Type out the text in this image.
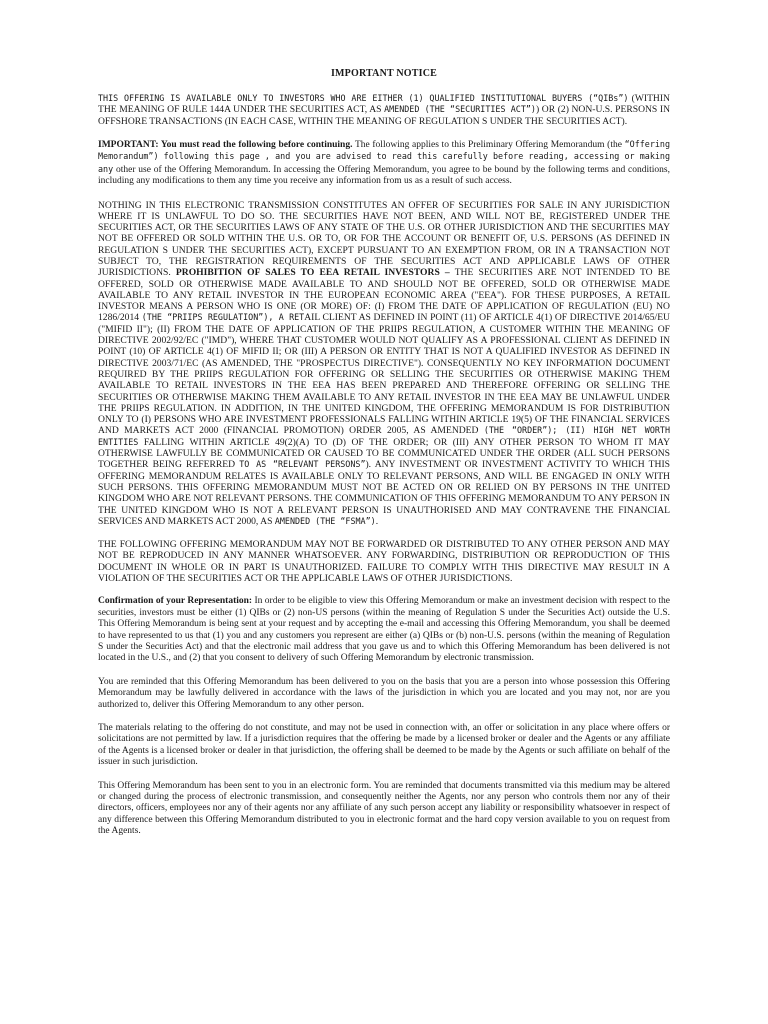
IMPORTANT NOTICE

THIS OFFERING IS AVAILABLE ONLY TO INVESTORS WHO ARE EITHER (1) QUALIFIED INSTITUTIONAL BUYERS (“QIBs”) (WITHIN THE MEANING OF RULE 144A UNDER THE SECURITIES ACT, AS AMENDED (THE “SECURITIES ACT”)) OR (2) NON-U.S. PERSONS IN OFFSHORE TRANSACTIONS (IN EACH CASE, WITHIN THE MEANING OF REGULATION S UNDER THE SECURITIES ACT).

IMPORTANT: You must read the following before continuing. The following applies to this Preliminary Offering Memorandum (the “Offering Memorandum”) following this page , and you are advised to read this carefully before reading, accessing or making any other use of the Offering Memorandum. In accessing the Offering Memorandum, you agree to be bound by the following terms and conditions, including any modifications to them any time you receive any information from us as a result of such access.

NOTHING IN THIS ELECTRONIC TRANSMISSION CONSTITUTES AN OFFER OF SECURITIES FOR SALE IN ANY JURISDICTION WHERE IT IS UNLAWFUL TO DO SO. THE SECURITIES HAVE NOT BEEN, AND WILL NOT BE, REGISTERED UNDER THE SECURITIES ACT, OR THE SECURITIES LAWS OF ANY STATE OF THE U.S. OR OTHER JURISDICTION AND THE SECURITIES MAY NOT BE OFFERED OR SOLD WITHIN THE U.S. OR TO, OR FOR THE ACCOUNT OR BENEFIT OF, U.S. PERSONS (AS DEFINED IN REGULATION S UNDER THE SECURITIES ACT), EXCEPT PURSUANT TO AN EXEMPTION FROM, OR IN A TRANSACTION NOT SUBJECT TO, THE REGISTRATION REQUIREMENTS OF THE SECURITIES ACT AND APPLICABLE LAWS OF OTHER JURISDICTIONS. PROHIBITION OF SALES TO EEA RETAIL INVESTORS – THE SECURITIES ARE NOT INTENDED TO BE OFFERED, SOLD OR OTHERWISE MADE AVAILABLE TO AND SHOULD NOT BE OFFERED, SOLD OR OTHERWISE MADE AVAILABLE TO ANY RETAIL INVESTOR IN THE EUROPEAN ECONOMIC AREA ("EEA"). FOR THESE PURPOSES, A RETAIL INVESTOR MEANS A PERSON WHO IS ONE (OR MORE) OF: (I) FROM THE DATE OF APPLICATION OF REGULATION (EU) NO 1286/2014 (THE “PRIIPS REGULATION”), A RETAIL CLIENT AS DEFINED IN POINT (11) OF ARTICLE 4(1) OF DIRECTIVE 2014/65/EU ("MIFID II"); (II) FROM THE DATE OF APPLICATION OF THE PRIIPS REGULATION, A CUSTOMER WITHIN THE MEANING OF DIRECTIVE 2002/92/EC ("IMD"), WHERE THAT CUSTOMER WOULD NOT QUALIFY AS A PROFESSIONAL CLIENT AS DEFINED IN POINT (10) OF ARTICLE 4(1) OF MIFID II; OR (III) A PERSON OR ENTITY THAT IS NOT A QUALIFIED INVESTOR AS DEFINED IN DIRECTIVE 2003/71/EC (AS AMENDED, THE "PROSPECTUS DIRECTIVE"). CONSEQUENTLY NO KEY INFORMATION DOCUMENT REQUIRED BY THE PRIIPS REGULATION FOR OFFERING OR SELLING THE SECURITIES OR OTHERWISE MAKING THEM AVAILABLE TO RETAIL INVESTORS IN THE EEA HAS BEEN PREPARED AND THEREFORE OFFERING OR SELLING THE SECURITIES OR OTHERWISE MAKING THEM AVAILABLE TO ANY RETAIL INVESTOR IN THE EEA MAY BE UNLAWFUL UNDER THE PRIIPS REGULATION. IN ADDITION, IN THE UNITED KINGDOM, THE OFFERING MEMORANDUM IS FOR DISTRIBUTION ONLY TO (I) PERSONS WHO ARE INVESTMENT PROFESSIONALS FALLING WITHIN ARTICLE 19(5) OF THE FINANCIAL SERVICES AND MARKETS ACT 2000 (FINANCIAL PROMOTION) ORDER 2005, AS AMENDED (THE “ORDER”); (II) HIGH NET WORTH ENTITIES FALLING WITHIN ARTICLE 49(2)(A) TO (D) OF THE ORDER; OR (III) ANY OTHER PERSON TO WHOM IT MAY OTHERWISE LAWFULLY BE COMMUNICATED OR CAUSED TO BE COMMUNICATED UNDER THE ORDER (ALL SUCH PERSONS TOGETHER BEING REFERRED TO AS “RELEVANT PERSONS”). ANY INVESTMENT OR INVESTMENT ACTIVITY TO WHICH THIS OFFERING MEMORANDUM RELATES IS AVAILABLE ONLY TO RELEVANT PERSONS, AND WILL BE ENGAGED IN ONLY WITH SUCH PERSONS. THIS OFFERING MEMORANDUM MUST NOT BE ACTED ON OR RELIED ON BY PERSONS IN THE UNITED KINGDOM WHO ARE NOT RELEVANT PERSONS. THE COMMUNICATION OF THIS OFFERING MEMORANDUM TO ANY PERSON IN THE UNITED KINGDOM WHO IS NOT A RELEVANT PERSON IS UNAUTHORISED AND MAY CONTRAVENE THE FINANCIAL SERVICES AND MARKETS ACT 2000, AS AMENDED (THE “FSMA”).

THE FOLLOWING OFFERING MEMORANDUM MAY NOT BE FORWARDED OR DISTRIBUTED TO ANY OTHER PERSON AND MAY NOT BE REPRODUCED IN ANY MANNER WHATSOEVER. ANY FORWARDING, DISTRIBUTION OR REPRODUCTION OF THIS DOCUMENT IN WHOLE OR IN PART IS UNAUTHORIZED. FAILURE TO COMPLY WITH THIS DIRECTIVE MAY RESULT IN A VIOLATION OF THE SECURITIES ACT OR THE APPLICABLE LAWS OF OTHER JURISDICTIONS.

Confirmation of your Representation: In order to be eligible to view this Offering Memorandum or make an investment decision with respect to the securities, investors must be either (1) QIBs or (2) non-US persons (within the meaning of Regulation S under the Securities Act) outside the U.S. This Offering Memorandum is being sent at your request and by accepting the e-mail and accessing this Offering Memorandum, you shall be deemed to have represented to us that (1) you and any customers you represent are either (a) QIBs or (b) non-U.S. persons (within the meaning of Regulation S under the Securities Act) and that the electronic mail address that you gave us and to which this Offering Memorandum has been delivered is not located in the U.S., and (2) that you consent to delivery of such Offering Memorandum by electronic transmission.

You are reminded that this Offering Memorandum has been delivered to you on the basis that you are a person into whose possession this Offering Memorandum may be lawfully delivered in accordance with the laws of the jurisdiction in which you are located and you may not, nor are you authorized to, deliver this Offering Memorandum to any other person.

The materials relating to the offering do not constitute, and may not be used in connection with, an offer or solicitation in any place where offers or solicitations are not permitted by law. If a jurisdiction requires that the offering be made by a licensed broker or dealer and the Agents or any affiliate of the Agents is a licensed broker or dealer in that jurisdiction, the offering shall be deemed to be made by the Agents or such affiliate on behalf of the issuer in such jurisdiction.

This Offering Memorandum has been sent to you in an electronic form. You are reminded that documents transmitted via this medium may be altered or changed during the process of electronic transmission, and consequently neither the Agents, nor any person who controls them nor any of their directors, officers, employees nor any of their agents nor any affiliate of any such person accept any liability or responsibility whatsoever in respect of any difference between this Offering Memorandum distributed to you in electronic format and the hard copy version available to you on request from the Agents.
